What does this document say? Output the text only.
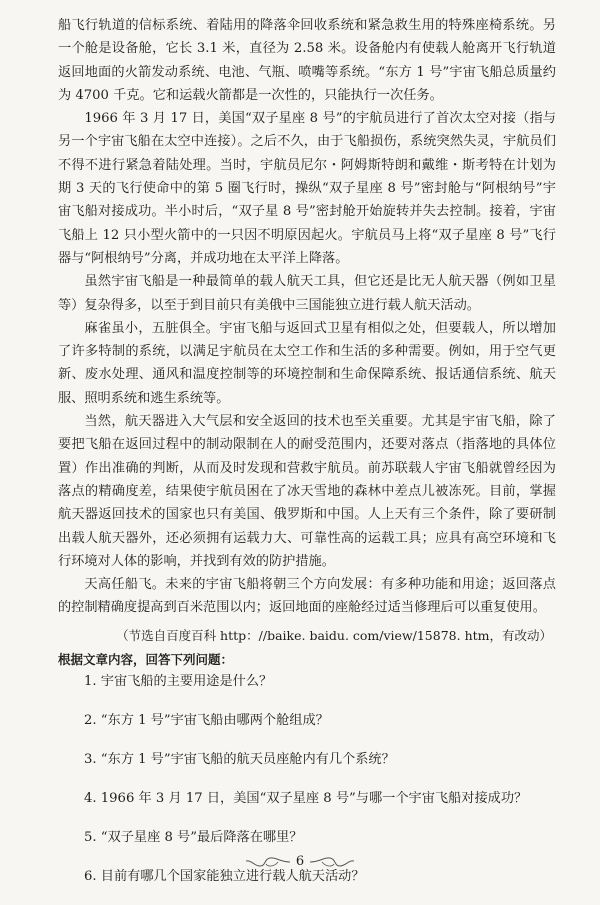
船飞行轨道的信标系统、着陆用的降落伞回收系统和紧急救生用的特殊座椅系统。另一个舱是设备舱，它长 3.1 米，直径为 2.58 米。设备舱内有使载人舱离开飞行轨道返回地面的火箭发动系统、电池、气瓶、喷嘴等系统。“东方 1 号”宇宙飞船总质量约为 4700 千克。它和运载火箭都是一次性的，只能执行一次任务。

1966 年 3 月 17 日，美国“双子星座 8 号”的宇航员进行了首次太空对接（指与另一个宇宙飞船在太空中连接）。之后不久，由于飞船损伤，系统突然失灵，宇航员们不得不进行紧急着陆处理。当时，宇航员尼尔・阿姆斯特朗和戴维・斯考特在计划为期 3 天的飞行使命中的第 5 圈飞行时，操纵“双子星座 8 号”密封舱与“阿根纳号”宇宙飞船对接成功。半小时后，“双子星 8 号”密封舱开始旋转并失去控制。接着，宇宙飞船上 12 只小型火箭中的一只因不明原因起火。宇航员马上将“双子星座 8 号”飞行器与“阿根纳号”分离，并成功地在太平洋上降落。

虽然宇宙飞船是一种最简单的载人航天工具，但它还是比无人航天器（例如卫星等）复杂得多，以至于到目前只有美俄中三国能独立进行载人航天活动。

麻雀虽小，五脏俱全。宇宙飞船与返回式卫星有相似之处，但要载人，所以增加了许多特制的系统，以满足宇航员在太空工作和生活的多种需要。例如，用于空气更新、废水处理、通风和温度控制等的环境控制和生命保障系统、报话通信系统、航天服、照明系统和逃生系统等。

当然，航天器进入大气层和安全返回的技术也至关重要。尤其是宇宙飞船，除了要把飞船在返回过程中的制动限制在人的耐受范围内，还要对落点（指落地的具体位置）作出准确的判断，从而及时发现和营救宇航员。前苏联载人宇宙飞船就曾经因为落点的精确度差，结果使宇航员困在了冰天雪地的森林中差点儿被冻死。目前，掌握航天器返回技术的国家也只有美国、俄罗斯和中国。人上天有三个条件，除了要研制出载人航天器外，还必须拥有运载力大、可靠性高的运载工具；应具有高空环境和飞行环境对人体的影响，并找到有效的防护措施。

天高任船飞。未来的宇宙飞船将朝三个方向发展：有多种功能和用途；返回落点的控制精确度提高到百米范围以内；返回地面的座舱经过适当修理后可以重复使用。

（节选自百度百科 http：//baike. baidu. com/view/15878. htm，有改动）

根据文章内容，回答下列问题：

1. 宇宙飞船的主要用途是什么？

2. “东方 1 号”宇宙飞船由哪两个舱组成？

3. “东方 1 号”宇宙飞船的航天员座舱内有几个系统？

4. 1966 年 3 月 17 日，美国“双子星座 8 号”与哪一个宇宙飞船对接成功？

5. “双子星座 8 号”最后降落在哪里？

6. 目前有哪几个国家能独立进行载人航天活动？

6
